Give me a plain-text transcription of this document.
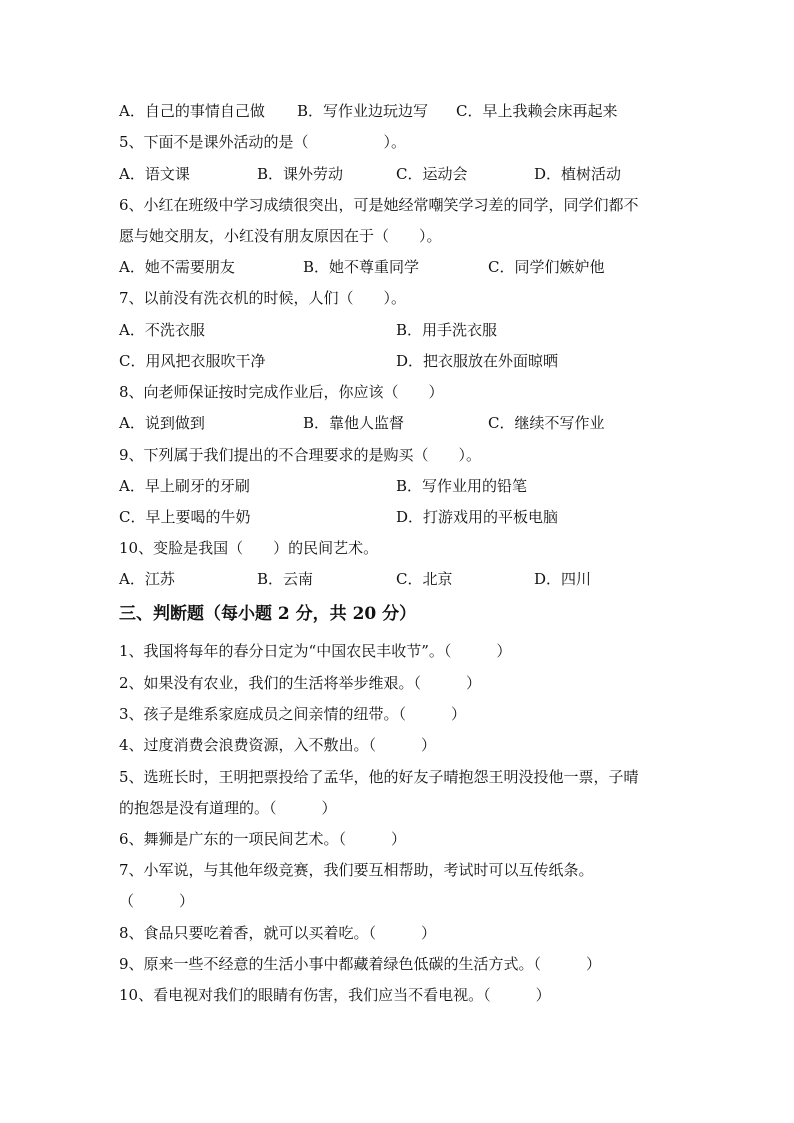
A．自己的事情自己做 B．写作业边玩边写 C．早上我赖会床再起来
5、下面不是课外活动的是（　　　　　）。
A．语文课	B．课外劳动	C．运动会	D．植树活动
6、小红在班级中学习成绩很突出，可是她经常嘲笑学习差的同学，同学们都不
愿与她交朋友，小红没有朋友原因在于（　　）。
A．她不需要朋友	B．她不尊重同学	C．同学们嫉妒他
7、以前没有洗衣机的时候，人们（　　）。
A．不洗衣服	B．用手洗衣服
C．用风把衣服吹干净	D．把衣服放在外面晾晒
8、向老师保证按时完成作业后，你应该（　　）
A．说到做到	B．靠他人监督	C．继续不写作业
9、下列属于我们提出的不合理要求的是购买（　　）。
A．早上刷牙的牙刷	B．写作业用的铅笔
C．早上要喝的牛奶	D．打游戏用的平板电脑
10、变脸是我国（　　）的民间艺术。
A．江苏	B．云南	C．北京	D．四川
三、判断题（每小题 2 分，共 20 分）
1、我国将每年的春分日定为“中国农民丰收节”。（　　　）
2、如果没有农业，我们的生活将举步维艰。（　　　）
3、孩子是维系家庭成员之间亲情的纽带。（　　　）
4、过度消费会浪费资源，入不敷出。（　　　）
5、选班长时，王明把票投给了孟华，他的好友子晴抱怨王明没投他一票，子晴
的抱怨是没有道理的。（　　　）
6、舞狮是广东的一项民间艺术。（　　　）
7、小军说，与其他年级竞赛，我们要互相帮助，考试时可以互传纸条。
（　　　）
8、食品只要吃着香，就可以买着吃。（　　　）
9、原来一些不经意的生活小事中都藏着绿色低碳的生活方式。（　　　）
10、看电视对我们的眼睛有伤害，我们应当不看电视。（　　　）
